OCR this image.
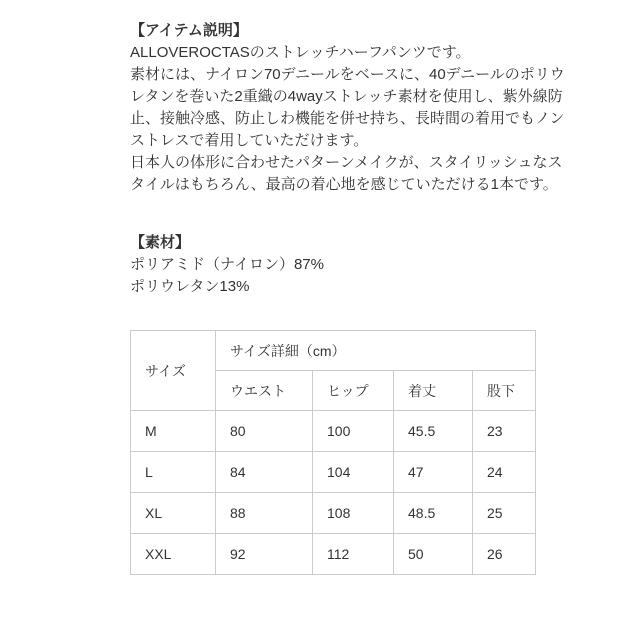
【アイテム説明】
ALLOVEROCTASのストレッチハーフパンツです。
素材には、ナイロン70デニールをベースに、40デニールのポリウ
レタンを巻いた2重織の4wayストレッチ素材を使用し、紫外線防
止、接触冷感、防止しわ機能を併せ持ち、長時間の着用でもノン
ストレスで着用していただけます。
日本人の体形に合わせたパターンメイクが、スタイリッシュなス
タイルはもちろん、最高の着心地を感じていただける1本です。
【素材】
ポリアミド（ナイロン）87%
ポリウレタン13%
サイズ	サイズ詳細（cm）			
	ウエスト	ヒップ	着丈	股下
M	80	100	45.5	23
L	84	104	47	24
XL	88	108	48.5	25
XXL	92	112	50	26
